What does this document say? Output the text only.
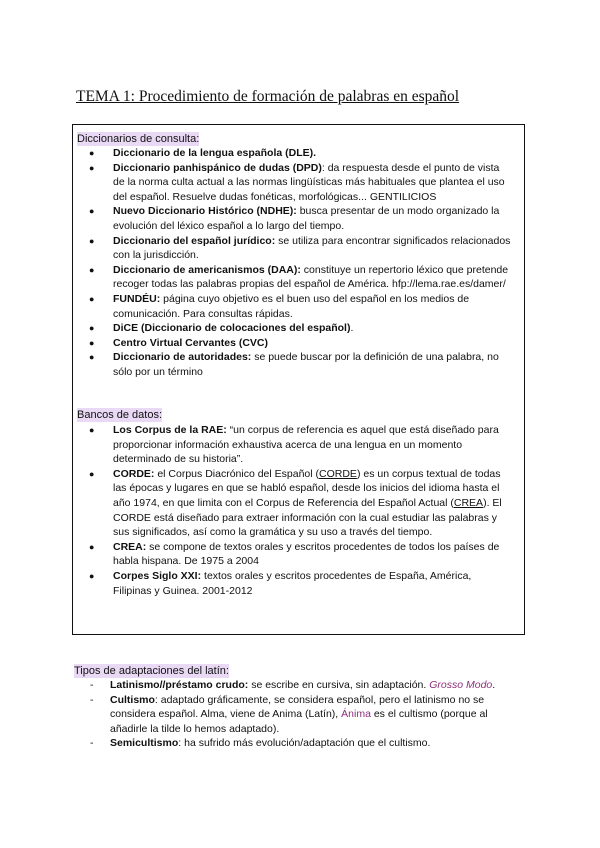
TEMA 1: Procedimiento de formación de palabras en español
Diccionarios de consulta:
● Diccionario de la lengua española (DLE).
● Diccionario panhispánico de dudas (DPD): da respuesta desde el punto de vista de la norma culta actual a las normas lingüísticas más habituales que plantea el uso del español. Resuelve dudas fonéticas, morfológicas... GENTILICIOS
● Nuevo Diccionario Histórico (NDHE): busca presentar de un modo organizado la evolución del léxico español a lo largo del tiempo.
● Diccionario del español jurídico: se utiliza para encontrar significados relacionados con la jurisdicción.
● Diccionario de americanismos (DAA): constituye un repertorio léxico que pretende recoger todas las palabras propias del español de América. hfp://lema.rae.es/damer/
● FUNDÉU: página cuyo objetivo es el buen uso del español en los medios de comunicación. Para consultas rápidas.
● DiCE (Diccionario de colocaciones del español).
● Centro Virtual Cervantes (CVC)
● Diccionario de autoridades: se puede buscar por la definición de una palabra, no sólo por un término
Bancos de datos:
● Los Corpus de la RAE: “un corpus de referencia es aquel que está diseñado para proporcionar información exhaustiva acerca de una lengua en un momento determinado de su historia”.
● CORDE: el Corpus Diacrónico del Español (CORDE) es un corpus textual de todas las épocas y lugares en que se habló español, desde los inicios del idioma hasta el año 1974, en que limita con el Corpus de Referencia del Español Actual (CREA). El CORDE está diseñado para extraer información con la cual estudiar las palabras y sus significados, así como la gramática y su uso a través del tiempo.
● CREA: se compone de textos orales y escritos procedentes de todos los países de habla hispana. De 1975 a 2004
● Corpes Siglo XXI: textos orales y escritos procedentes de España, América, Filipinas y Guinea. 2001-2012
Tipos de adaptaciones del latín:
- Latinismo//préstamo crudo: se escribe en cursiva, sin adaptación. Grosso Modo.
- Cultismo: adaptado gráficamente, se considera español, pero el latinismo no se considera español. Alma, viene de Anima (Latín), Ánima es el cultismo (porque al añadirle la tilde lo hemos adaptado).
- Semicultismo: ha sufrido más evolución/adaptación que el cultismo.
